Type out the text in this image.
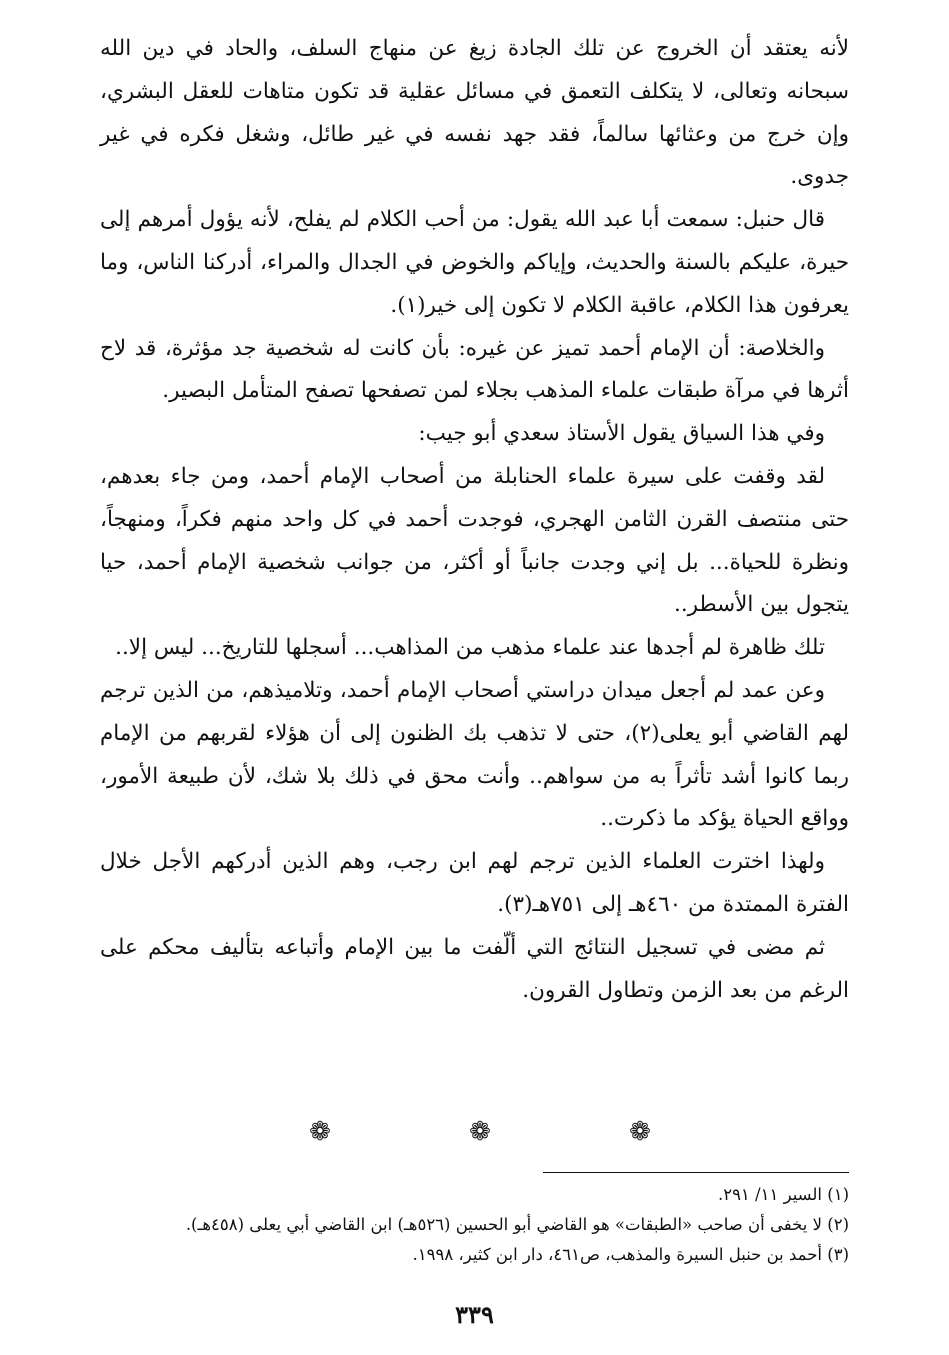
لأنه يعتقد أن الخروج عن تلك الجادة زيغ عن منهاج السلف، والحاد في دين الله سبحانه وتعالى، لا يتكلف التعمق في مسائل عقلية قد تكون متاهات للعقل البشري، وإن خرج من وعثائها سالماً، فقد جهد نفسه في غير طائل، وشغل فكره في غير جدوى.

قال حنبل: سمعت أبا عبد الله يقول: من أحب الكلام لم يفلح، لأنه يؤول أمرهم إلى حيرة، عليكم بالسنة والحديث، وإياكم والخوض في الجدال والمراء، أدركنا الناس، وما يعرفون هذا الكلام، عاقبة الكلام لا تكون إلى خير(١).

والخلاصة: أن الإمام أحمد تميز عن غيره: بأن كانت له شخصية جد مؤثرة، قد لاح أثرها في مرآة طبقات علماء المذهب بجلاء لمن تصفحها تصفح المتأمل البصير.

وفي هذا السياق يقول الأستاذ سعدي أبو جيب:

لقد وقفت على سيرة علماء الحنابلة من أصحاب الإمام أحمد، ومن جاء بعدهم، حتى منتصف القرن الثامن الهجري، فوجدت أحمد في كل واحد منهم فكراً، ومنهجاً، ونظرة للحياة... بل إني وجدت جانباً أو أكثر، من جوانب شخصية الإمام أحمد، حيا يتجول بين الأسطر..

تلك ظاهرة لم أجدها عند علماء مذهب من المذاهب... أسجلها للتاريخ... ليس إلا..

وعن عمد لم أجعل ميدان دراستي أصحاب الإمام أحمد، وتلاميذهم، من الذين ترجم لهم القاضي أبو يعلى(٢)، حتى لا تذهب بك الظنون إلى أن هؤلاء لقربهم من الإمام ربما كانوا أشد تأثراً به من سواهم.. وأنت محق في ذلك بلا شك، لأن طبيعة الأمور، وواقع الحياة يؤكد ما ذكرت..

ولهذا اخترت العلماء الذين ترجم لهم ابن رجب، وهم الذين أدركهم الأجل خلال الفترة الممتدة من ٤٦٠هـ إلى ٧٥١هـ(٣).

ثم مضى في تسجيل النتائج التي ألّفت ما بين الإمام وأتباعه بتأليف محكم على الرغم من بعد الزمن وتطاول القرون.

❁	❁	❁

(١) السير ١١/ ٢٩١.

(٢) لا يخفى أن صاحب «الطبقات» هو القاضي أبو الحسين (٥٢٦هـ) ابن القاضي أبي يعلى (٤٥٨هـ).

(٣) أحمد بن حنبل السيرة والمذهب، ص٤٦١، دار ابن كثير، ١٩٩٨.

٣٣٩
